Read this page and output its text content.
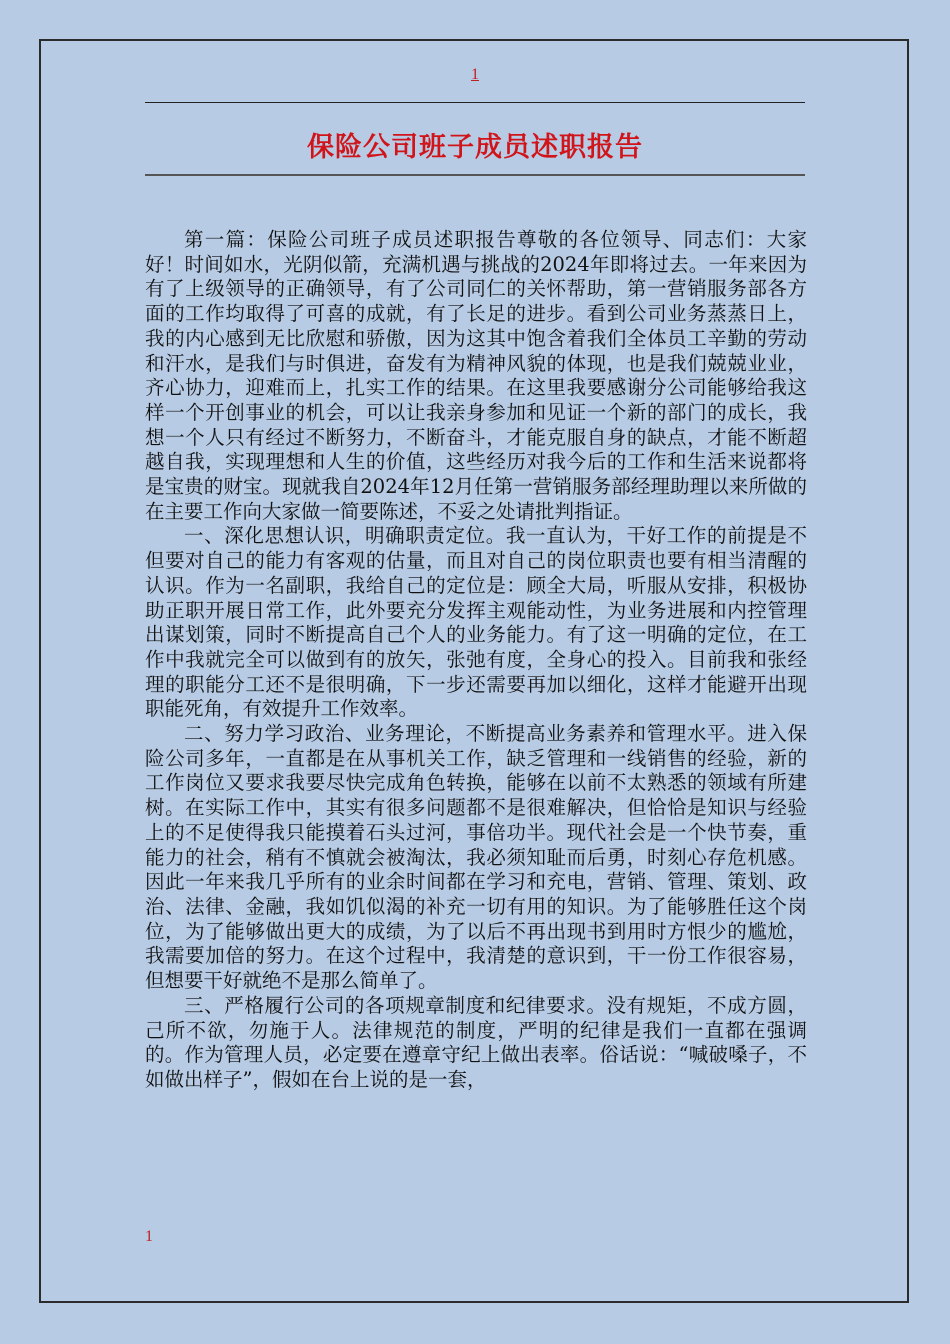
1
保险公司班子成员述职报告

第一篇：保险公司班子成员述职报告尊敬的各位领导、同志们：大家好！时间如水，光阴似箭，充满机遇与挑战的2024年即将过去。一年来因为有了上级领导的正确领导，有了公司同仁的关怀帮助，第一营销服务部各方面的工作均取得了可喜的成就，有了长足的进步。看到公司业务蒸蒸日上，我的内心感到无比欣慰和骄傲，因为这其中饱含着我们全体员工辛勤的劳动和汗水，是我们与时俱进，奋发有为精神风貌的体现，也是我们兢兢业业，齐心协力，迎难而上，扎实工作的结果。在这里我要感谢分公司能够给我这样一个开创事业的机会，可以让我亲身参加和见证一个新的部门的成长，我想一个人只有经过不断努力，不断奋斗，才能克服自身的缺点，才能不断超越自我，实现理想和人生的价值，这些经历对我今后的工作和生活来说都将是宝贵的财宝。现就我自2024年12月任第一营销服务部经理助理以来所做的在主要工作向大家做一简要陈述，不妥之处请批判指证。

一、深化思想认识，明确职责定位。我一直认为，干好工作的前提是不但要对自己的能力有客观的估量，而且对自己的岗位职责也要有相当清醒的认识。作为一名副职，我给自己的定位是：顾全大局，听服从安排，积极协助正职开展日常工作，此外要充分发挥主观能动性，为业务进展和内控管理出谋划策，同时不断提高自己个人的业务能力。有了这一明确的定位，在工作中我就完全可以做到有的放矢，张弛有度，全身心的投入。目前我和张经理的职能分工还不是很明确，下一步还需要再加以细化，这样才能避开出现职能死角，有效提升工作效率。

二、努力学习政治、业务理论，不断提高业务素养和管理水平。进入保险公司多年，一直都是在从事机关工作，缺乏管理和一线销售的经验，新的工作岗位又要求我要尽快完成角色转换，能够在以前不太熟悉的领域有所建树。在实际工作中，其实有很多问题都不是很难解决，但恰恰是知识与经验上的不足使得我只能摸着石头过河，事倍功半。现代社会是一个快节奏，重能力的社会，稍有不慎就会被淘汰，我必须知耻而后勇，时刻心存危机感。因此一年来我几乎所有的业余时间都在学习和充电，营销、管理、策划、政治、法律、金融，我如饥似渴的补充一切有用的知识。为了能够胜任这个岗位，为了能够做出更大的成绩，为了以后不再出现书到用时方恨少的尴尬，我需要加倍的努力。在这个过程中，我清楚的意识到，干一份工作很容易，但想要干好就绝不是那么简单了。

三、严格履行公司的各项规章制度和纪律要求。没有规矩，不成方圆，己所不欲，勿施于人。法律规范的制度，严明的纪律是我们一直都在强调的。作为管理人员，必定要在遵章守纪上做出表率。俗话说：“喊破嗓子，不如做出样子”，假如在台上说的是一套，

1
